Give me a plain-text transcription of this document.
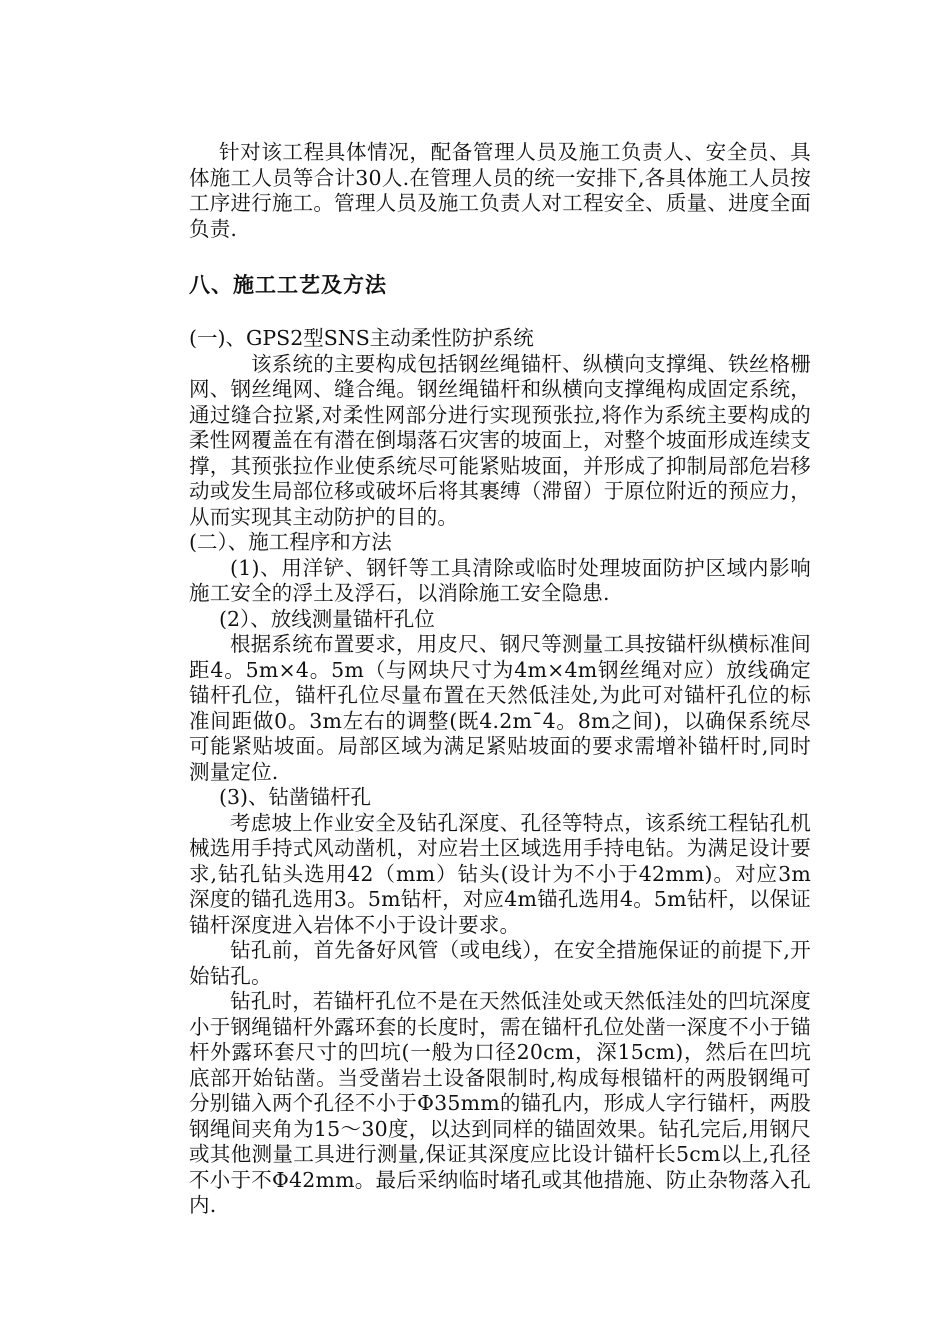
针对该工程具体情况，配备管理人员及施工负责人、安全员、具体施工人员等合计30人.在管理人员的统一安排下,各具体施工人员按工序进行施工。管理人员及施工负责人对工程安全、质量、进度全面负责.

八、施工工艺及方法

(一)、GPS2型SNS主动柔性防护系统

该系统的主要构成包括钢丝绳锚杆、纵横向支撑绳、铁丝格栅网、钢丝绳网、缝合绳。钢丝绳锚杆和纵横向支撑绳构成固定系统，通过缝合拉紧,对柔性网部分进行实现预张拉,将作为系统主要构成的柔性网覆盖在有潜在倒塌落石灾害的坡面上，对整个坡面形成连续支撑，其预张拉作业使系统尽可能紧贴坡面，并形成了抑制局部危岩移动或发生局部位移或破坏后将其裹缚（滞留）于原位附近的预应力，从而实现其主动防护的目的。

(二）、施工程序和方法

(1)、用洋铲、钢钎等工具清除或临时处理坡面防护区域内影响施工安全的浮土及浮石，以消除施工安全隐患.

(2）、放线测量锚杆孔位

根据系统布置要求，用皮尺、钢尺等测量工具按锚杆纵横标准间距4。5m×4。5m（与网块尺寸为4m×4m钢丝绳对应）放线确定锚杆孔位，锚杆孔位尽量布置在天然低洼处,为此可对锚杆孔位的标准间距做0。3m左右的调整(既4.2m¯4。8m之间)，以确保系统尽可能紧贴坡面。局部区域为满足紧贴坡面的要求需增补锚杆时,同时测量定位.

(3)、钻凿锚杆孔

考虑坡上作业安全及钻孔深度、孔径等特点，该系统工程钻孔机械选用手持式风动凿机，对应岩土区域选用手持电钻。为满足设计要求,钻孔钻头选用42（mm）钻头(设计为不小于42mm)。对应3m深度的锚孔选用3。5m钻杆，对应4m锚孔选用4。5m钻杆，以保证锚杆深度进入岩体不小于设计要求。

钻孔前，首先备好风管（或电线），在安全措施保证的前提下,开始钻孔。

钻孔时，若锚杆孔位不是在天然低洼处或天然低洼处的凹坑深度小于钢绳锚杆外露环套的长度时，需在锚杆孔位处凿一深度不小于锚杆外露环套尺寸的凹坑(一般为口径20cm，深15cm)，然后在凹坑底部开始钻凿。当受凿岩土设备限制时,构成每根锚杆的两股钢绳可分别锚入两个孔径不小于Φ35mm的锚孔内，形成人字行锚杆，两股钢绳间夹角为15～30度，以达到同样的锚固效果。钻孔完后,用钢尺或其他测量工具进行测量,保证其深度应比设计锚杆长5cm以上,孔径不小于不Φ42mm。最后采纳临时堵孔或其他措施、防止杂物落入孔内.
